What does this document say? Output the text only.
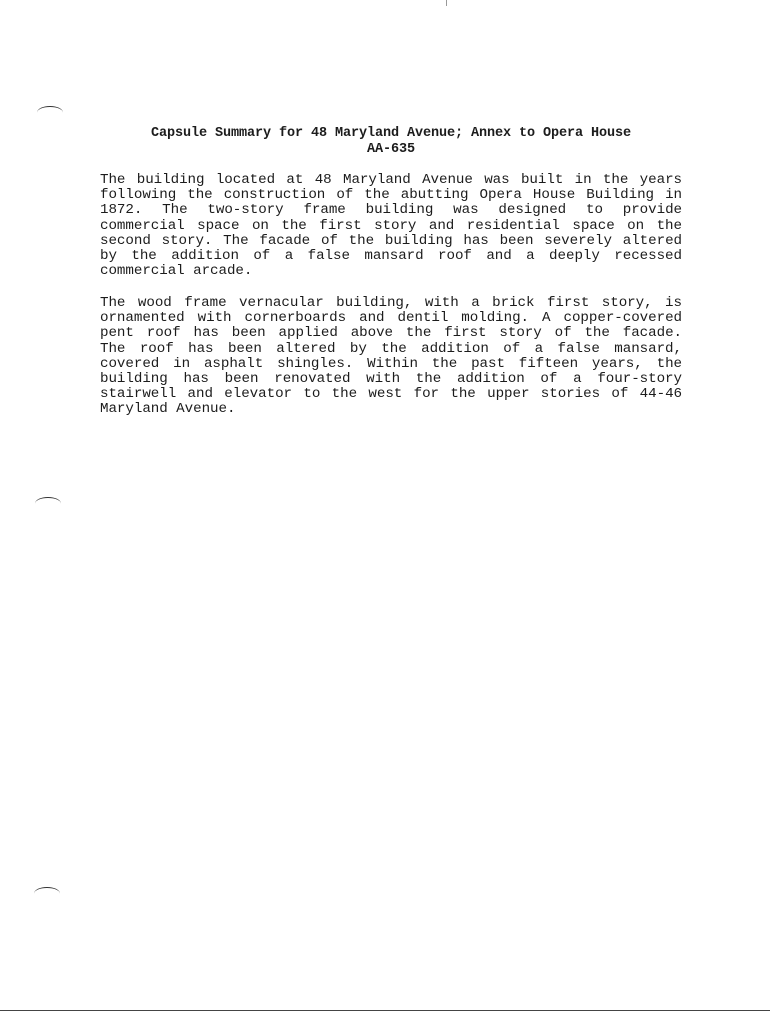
Capsule Summary for 48 Maryland Avenue; Annex to Opera House
AA-635
The building located at 48 Maryland Avenue was built in the years
following the construction of the abutting Opera House Building in
1872. The two-story frame building was designed to provide
commercial space on the first story and residential space on the
second story. The facade of the building has been severely altered
by the addition of a false mansard roof and a deeply recessed
commercial arcade.
The wood frame vernacular building, with a brick first story, is
ornamented with cornerboards and dentil molding. A copper-covered
pent roof has been applied above the first story of the facade.
The roof has been altered by the addition of a false mansard,
covered in asphalt shingles. Within the past fifteen years, the
building has been renovated with the addition of a four-story
stairwell and elevator to the west for the upper stories of 44-46
Maryland Avenue.
